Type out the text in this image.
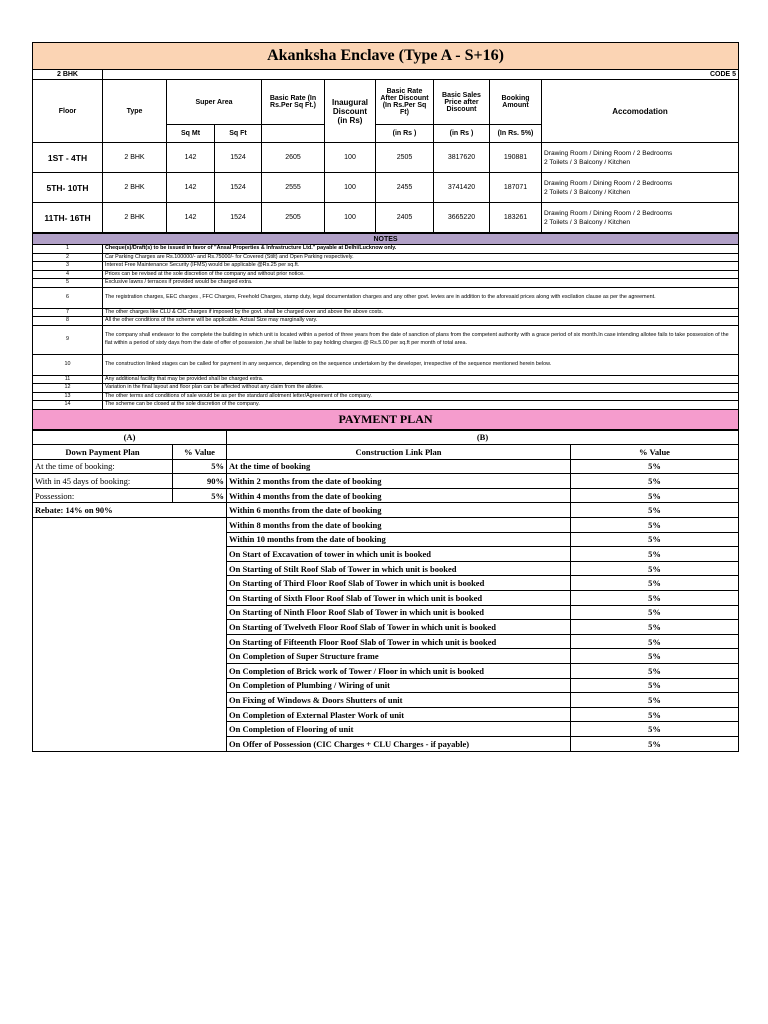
Akanksha Enclave (Type A - S+16)									
2 BHK	CODE 5								
Floor	Type	Super Area		Basic Rate (In Rs.Per Sq Ft.)	Inaugural Discount (in Rs)	Basic Rate After Discount (In Rs.Per Sq Ft)	Basic Sales Price after Discount	Booking Amount	Accomodation
		Sq Mt	Sq Ft			(in Rs )	(in Rs )	(In Rs. 5%)	
1ST - 4TH	2 BHK	142	1524	2605	100	2505	3817620	190881	Drawing Room / Dining Room / 2 Bedrooms
2 Toilets / 3 Balcony / Kitchen
5TH- 10TH	2 BHK	142	1524	2555	100	2455	3741420	187071	Drawing Room / Dining Room / 2 Bedrooms
2 Toilets / 3 Balcony / Kitchen
11TH- 16TH	2 BHK	142	1524	2505	100	2405	3665220	183261	Drawing Room / Dining Room / 2 Bedrooms
2 Toilets / 3 Balcony / Kitchen
NOTES	
1	Cheque(s)/Draft(s) to be issued in favor of "Ansal Properties & Infrastructure Ltd." payable at Delhi/Lucknow only.
2	Car Parking Charges are Rs.100000/- and Rs.75000/- for Covered (Stilt) and Open Parking respectively.
3	Interest Free Maintenance Security (IFMS) would be applicable @Rs.25 per sq.ft.
4	Prices can be revised at the sole discretion of the company and without prior notice.
5	Exclusive lawns / terraces if provided would be charged extra.
6	The registration charges, EEC charges , FFC Charges, Freehold Charges, stamp duty, legal documentation charges and any other govt. levies are in addition to the aforesaid prices along with escilation clause as per the agreement.
7	The other charges like CLU & CIC charges if imposed by the govt. shall be charged over and above the above costs.
8	All the other conditions of the scheme will be applicable. Actual Size may marginally vary.
9	The company shall endeavor to the complete the building in which unit is located within a period of three years from the date of sanction of plans from the competent authority with a grace period of six month.In case intending allotee fails to take possession of the flat within a period of sixty days from the date of offer of possesion ,he shall be liable to pay holding charges @ Rs.5.00 per sq.ft per month of total area.
10	The construction linked stages can be called for payment in any sequence, depending on the sequence undertaken by the developer, irrespective of the sequence mentioned herein below.
11	Any additional facility that may be provided shall be charged extra.
12	Variation in the final layout and floor plan can be affected without any claim from the allotee.
13	The other terms and conditions of sale would be as per the standard allotment letter/Agreement of the company.
14	The scheme can be closed at the sole discretion of the company.
PAYMENT PLAN	
(A)		(B)	
Down Payment Plan	% Value	Construction Link Plan	% Value
At the time of booking:	5%	At the time of booking	5%
With in 45 days of booking:	90%	Within 2 months from the date of booking	5%
Possession:	5%	Within 4 months from the date of booking	5%
Rebate: 14% on 90%		Within 6 months from the date of booking	5%
		Within 8 months from the date of booking	5%
		Within 10 months from the date of booking	5%
		On Start of Excavation of tower in which unit is booked	5%
		On Starting of Stilt Roof Slab of Tower in which unit is booked	5%
		On Starting of Third Floor Roof Slab of Tower in which unit is booked	5%
		On Starting of Sixth Floor Roof Slab of Tower in which unit is booked	5%
		On Starting of Ninth Floor Roof Slab of Tower in which unit is booked	5%
		On Starting of Twelveth Floor Roof Slab of Tower in which unit is booked	5%
		On Starting of Fifteenth Floor Roof Slab of Tower in which unit is booked	5%
		On Completion of Super Structure frame	5%
		On Completion of Brick work of Tower / Floor in which unit is booked	5%
		On Completion of Plumbing / Wiring of unit	5%
		On Fixing of Windows & Doors Shutters of unit	5%
		On Completion of External Plaster Work of unit	5%
		On Completion of Flooring of unit	5%
		On Offer of Possession (CIC Charges + CLU Charges - if payable)	5%
